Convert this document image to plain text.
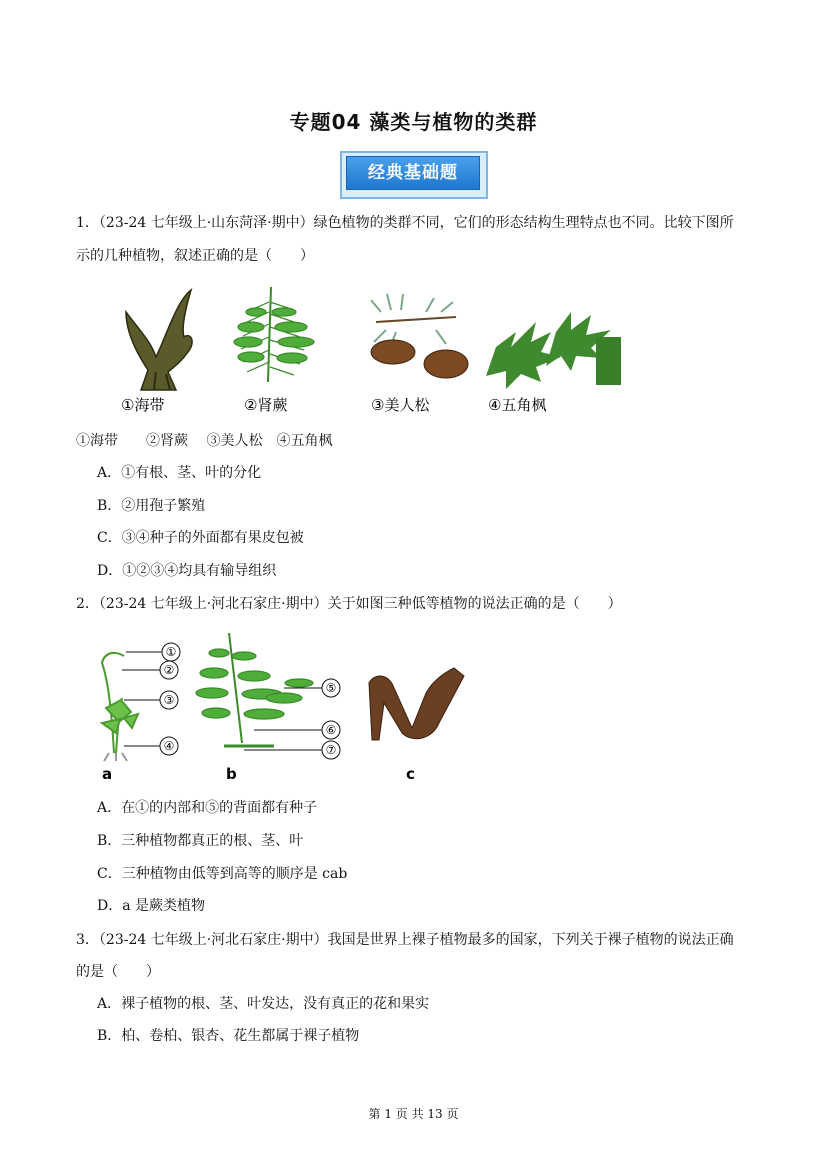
专题04 藻类与植物的类群
经典基础题
1．（23-24 七年级上·山东菏泽·期中）绿色植物的类群不同，它们的形态结构生理特点也不同。比较下图所
示的几种植物，叙述正确的是（　　）
①海带	②肾蕨	③美人松	④五角枫
①海带　　②肾蕨　 ③美人松　④五角枫
A．①有根、茎、叶的分化
B．②用孢子繁殖
C．③④种子的外面都有果皮包被
D．①②③④均具有输导组织
2．（23-24 七年级上·河北石家庄·期中）关于如图三种低等植物的说法正确的是（　　）
a	b	c
①
②
③
④
⑤
⑥
⑦
A．在①的内部和⑤的背面都有种子
B．三种植物都真正的根、茎、叶
C．三种植物由低等到高等的顺序是 cab
D．a 是蕨类植物
3．（23-24 七年级上·河北石家庄·期中）我国是世界上裸子植物最多的国家，下列关于裸子植物的说法正确
的是（　　）
A．裸子植物的根、茎、叶发达，没有真正的花和果实
B．柏、卷柏、银杏、花生都属于裸子植物
第 1 页 共 13 页
